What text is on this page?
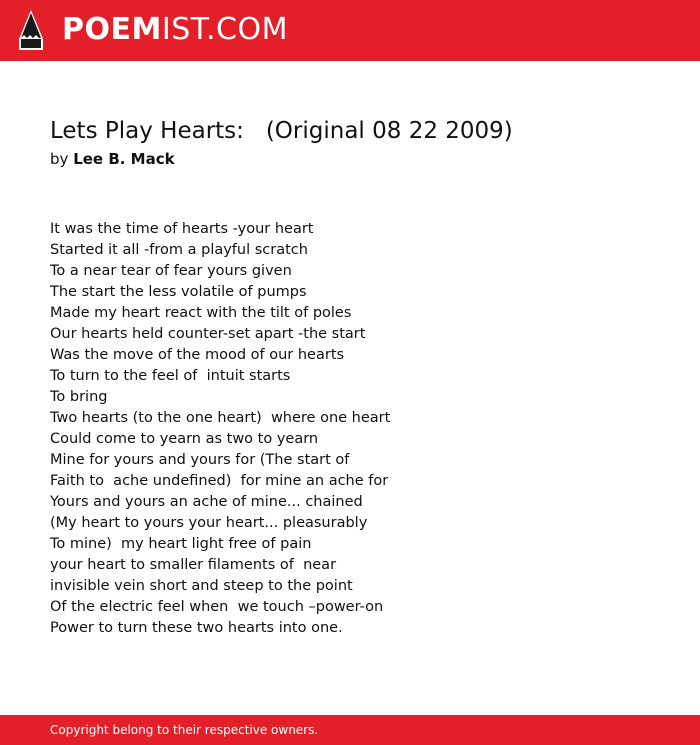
POEMIST.COM
Lets Play Hearts:   (Original 08 22 2009)
by Lee B. Mack
It was the time of hearts -your heart
Started it all -from a playful scratch
To a near tear of fear yours given
The start the less volatile of pumps
Made my heart react with the tilt of poles
Our hearts held counter-set apart -the start
Was the move of the mood of our hearts
To turn to the feel of  intuit starts
To bring
Two hearts (to the one heart)  where one heart
Could come to yearn as two to yearn
Mine for yours and yours for (The start of
Faith to  ache undefined)  for mine an ache for
Yours and yours an ache of mine... chained
(My heart to yours your heart... pleasurably
To mine)  my heart light free of pain
your heart to smaller filaments of  near
invisible vein short and steep to the point
Of the electric feel when  we touch –power-on
Power to turn these two hearts into one.
Copyright belong to their respective owners.
